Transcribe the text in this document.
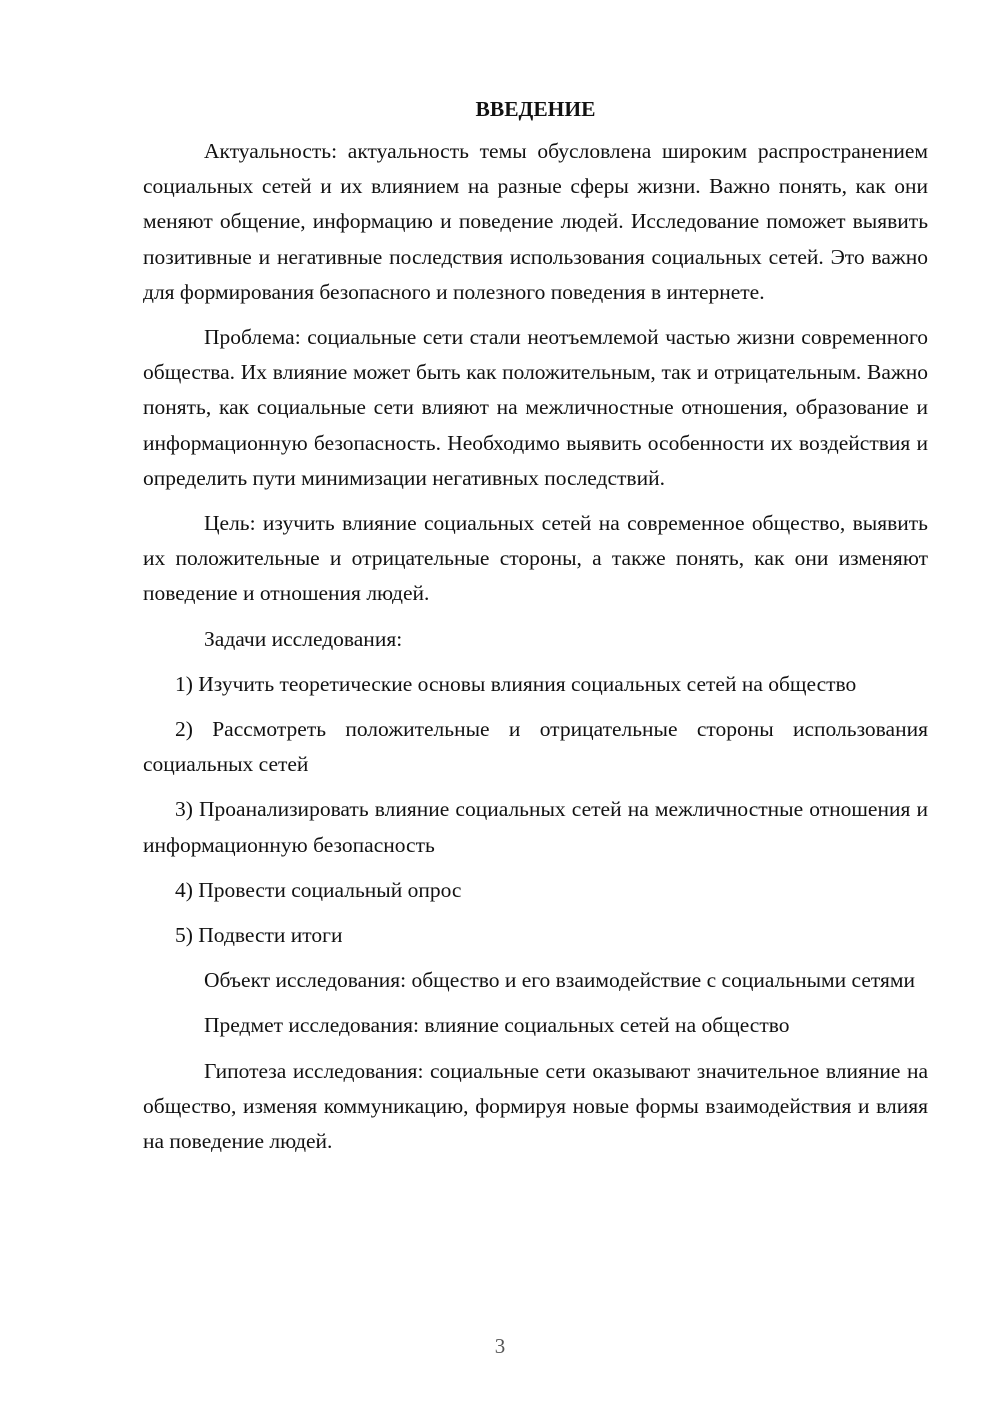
ВВЕДЕНИЕ

Актуальность: актуальность темы обусловлена широким распространением социальных сетей и их влиянием на разные сферы жизни. Важно понять, как они меняют общение, информацию и поведение людей. Исследование поможет выявить позитивные и негативные последствия использования социальных сетей. Это важно для формирования безопасного и полезного поведения в интернете.

Проблема: социальные сети стали неотъемлемой частью жизни современного общества. Их влияние может быть как положительным, так и отрицательным. Важно понять, как социальные сети влияют на межличностные отношения, образование и информационную безопасность. Необходимо выявить особенности их воздействия и определить пути минимизации негативных последствий.

Цель: изучить влияние социальных сетей на современное общество, выявить их положительные и отрицательные стороны, а также понять, как они изменяют поведение и отношения людей.

Задачи исследования:

1) Изучить теоретические основы влияния социальных сетей на общество

2) Рассмотреть положительные и отрицательные стороны использования социальных сетей

3) Проанализировать влияние социальных сетей на межличностные отношения и информационную безопасность

4) Провести социальный опрос

5) Подвести итоги

Объект исследования: общество и его взаимодействие с социальными сетями

Предмет исследования: влияние социальных сетей на общество

Гипотеза исследования: социальные сети оказывают значительное влияние на общество, изменяя коммуникацию, формируя новые формы взаимодействия и влияя на поведение людей.

3
